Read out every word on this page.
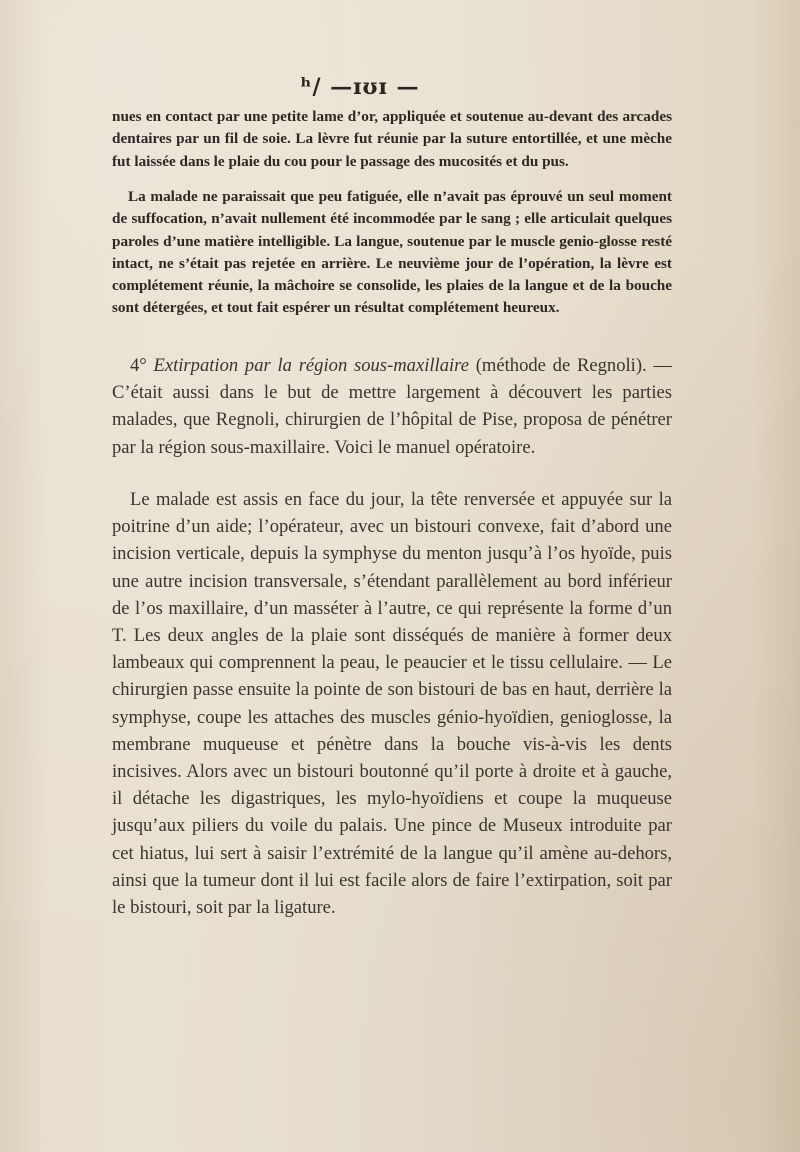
ʰ/ —ɪʊɪ —

nues en contact par une petite lame d’or, appliquée et soutenue au-devant des arcades dentaires par un fil de soie. La lèvre fut réunie par la suture entortillée, et une mèche fut laissée dans le plaie du cou pour le passage des mucosités et du pus.

La malade ne paraissait que peu fatiguée, elle n’avait pas éprouvé un seul moment de suffocation, n’avait nullement été incommodée par le sang ; elle articulait quelques paroles d’une matière intelligible. La langue, soutenue par le muscle genio-glosse resté intact, ne s’était pas rejetée en arrière. Le neuvième jour de l’opération, la lèvre est complétement réunie, la mâchoire se consolide, les plaies de la langue et de la bouche sont détergées, et tout fait espérer un résultat complétement heureux.

4° Extirpation par la région sous-maxillaire (méthode de Regnoli). — C’était aussi dans le but de mettre largement à découvert les parties malades, que Regnoli, chirurgien de l’hôpital de Pise, proposa de pénétrer par la région sous-maxillaire. Voici le manuel opératoire.

Le malade est assis en face du jour, la tête renversée et appuyée sur la poitrine d’un aide; l’opérateur, avec un bistouri convexe, fait d’abord une incision verticale, depuis la symphyse du menton jusqu’à l’os hyoïde, puis une autre incision transversale, s’étendant parallèlement au bord inférieur de l’os maxillaire, d’un masséter à l’autre, ce qui représente la forme d’un T. Les deux angles de la plaie sont disséqués de manière à former deux lambeaux qui comprennent la peau, le peaucier et le tissu cellulaire. — Le chirurgien passe ensuite la pointe de son bistouri de bas en haut, derrière la symphyse, coupe les attaches des muscles génio-hyoïdien, genioglosse, la membrane muqueuse et pénètre dans la bouche vis-à-vis les dents incisives. Alors avec un bistouri boutonné qu’il porte à droite et à gauche, il détache les digastriques, les mylo-hyoïdiens et coupe la muqueuse jusqu’aux piliers du voile du palais. Une pince de Museux introduite par cet hiatus, lui sert à saisir l’extrémité de la langue qu’il amène au-dehors, ainsi que la tumeur dont il lui est facile alors de faire l’extirpation, soit par le bistouri, soit par la ligature.
